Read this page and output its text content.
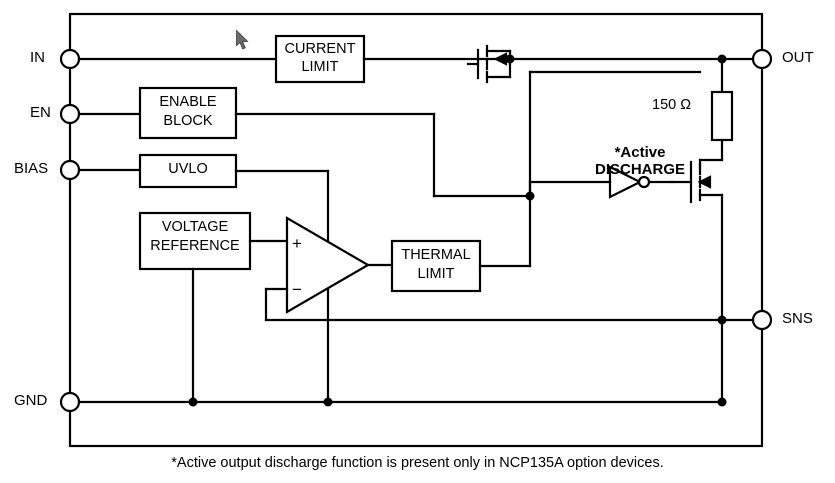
IN
EN
BIAS
GND
OUT
SNS
CURRENT
LIMIT
ENABLE
BLOCK
UVLO
VOLTAGE
REFERENCE
THERMAL
LIMIT
+
−
150 Ω
*Active
DISCHARGE
*Active output discharge function is present only in NCP135A option devices.
